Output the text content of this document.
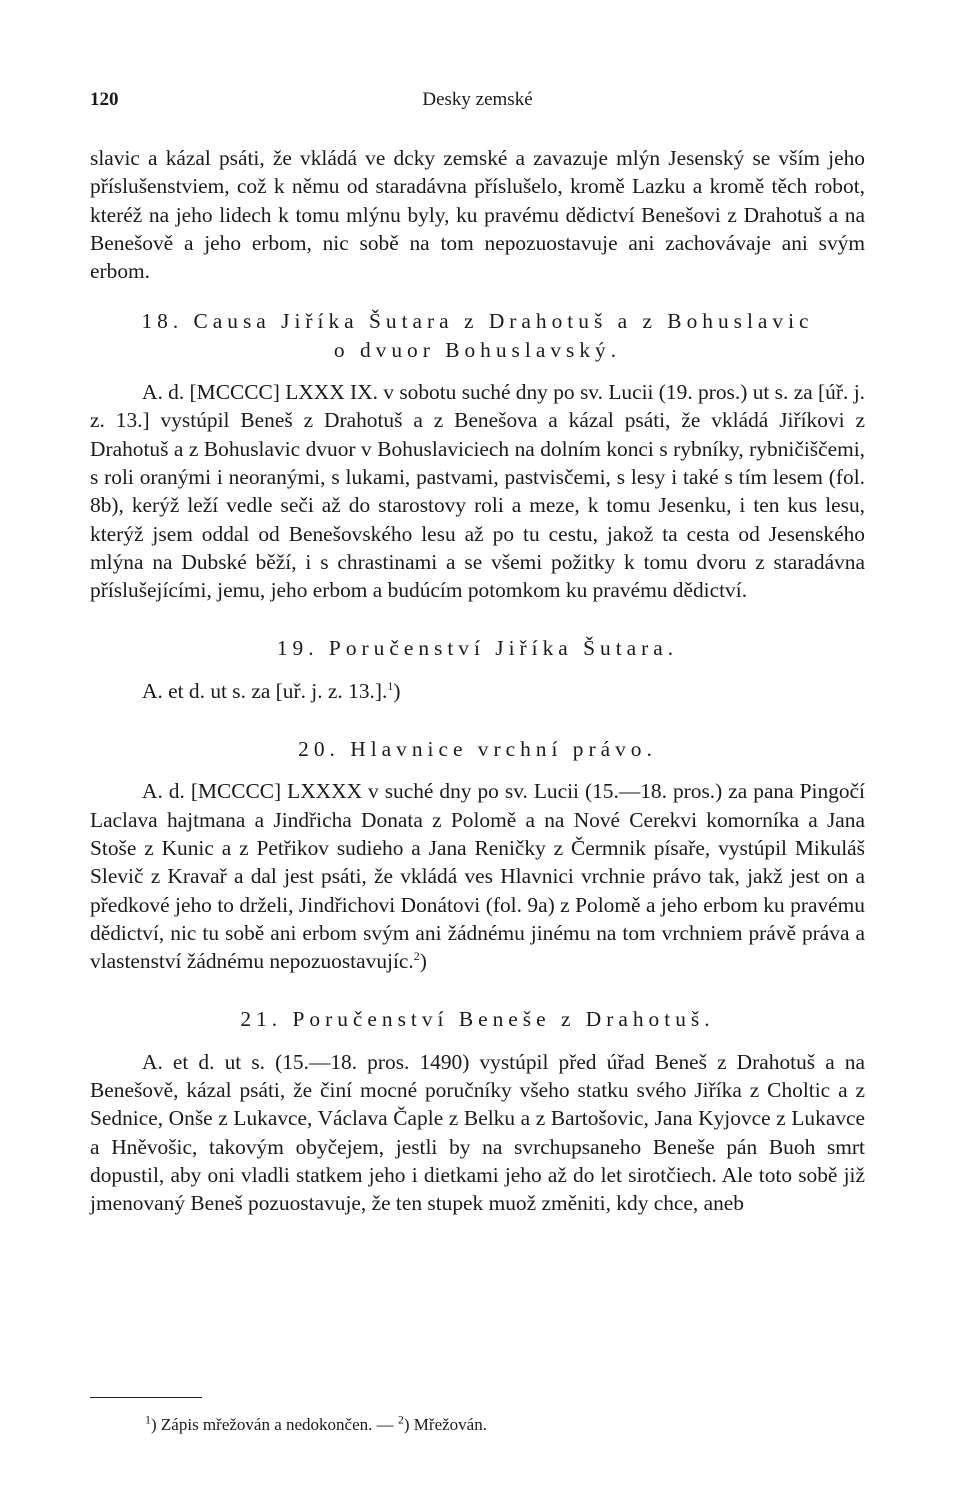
120	Desky zemské

slavic a kázal psáti, že vkládá ve dcky zemské a zavazuje mlýn Jesenský se vším jeho příslušenstviem, což k němu od staradávna příslušelo, kromě Lazku a kromě těch robot, kteréž na jeho lidech k tomu mlýnu byly, ku pravému dědictví Benešovi z Drahotuš a na Benešově a jeho erbom, nic sobě na tom nepozuostavuje ani zachovávaje ani svým erbom.

18. Causa Jiříka Šutara z Drahotuš a z Bohuslavic

o dvuor Bohuslavský.

A. d. [MCCCC] LXXX IX. v sobotu suché dny po sv. Lucii (19. pros.) ut s. za [úř. j. z. 13.] vystúpil Beneš z Drahotuš a z Benešova a kázal psáti, že vkládá Jiříkovi z Drahotuš a z Bohuslavic dvuor v Bohuslaviciech na dolním konci s rybníky, rybničiščemi, s roli oranými i neoranými, s lukami, pastvami, pastvisčemi, s lesy i také s tím lesem (fol. 8b), kerýž leží vedle seči až do starostovy roli a meze, k tomu Jesenku, i ten kus lesu, kterýž jsem oddal od Benešovského lesu až po tu cestu, jakož ta cesta od Jesenského mlýna na Dubské běží, i s chrastinami a se všemi požitky k tomu dvoru z staradávna příslušejícími, jemu, jeho erbom a budúcím potomkom ku pravému dědictví.

19. Poručenství Jiříka Šutara.

A. et d. ut s. za [uř. j. z. 13.].$^1$)

20. Hlavnice vrchní právo.

A. d. [MCCCC] LXXXX v suché dny po sv. Lucii (15.—18. pros.) za pana Pingočí Laclava hajtmana a Jindřicha Donata z Polomě a na Nové Cerekvi komorníka a Jana Stoše z Kunic a z Petřikov sudieho a Jana Reničky z Čermnik písaře, vystúpil Mikuláš Slevič z Kravař a dal jest psáti, že vkládá ves Hlavnici vrchnie právo tak, jakž jest on a předkové jeho to drželi, Jindřichovi Donátovi (fol. 9a) z Polomě a jeho erbom ku pravému dědictví, nic tu sobě ani erbom svým ani žádnému jinému na tom vrchniem právě práva a vlastenství žádnému nepozuostavujíc.$^2$)

21. Poručenství Beneše z Drahotuš.

A. et d. ut s. (15.—18. pros. 1490) vystúpil před úřad Beneš z Drahotuš a na Benešově, kázal psáti, že činí mocné poručníky všeho statku svého Jiříka z Choltic a z Sednice, Onše z Lukavce, Václava Čaple z Belku a z Bartošovic, Jana Kyjovce z Lukavce a Hněvošic, takovým obyčejem, jestli by na svrchupsaneho Beneše pán Buoh smrt dopustil, aby oni vladli statkem jeho i dietkami jeho až do let sirotčiech. Ale toto sobě již jmenovaný Beneš pozuostavuje, že ten stupek muož změniti, kdy chce, aneb

$^1$) Zápis mřežován a nedokončen. — $^2$) Mřežován.
